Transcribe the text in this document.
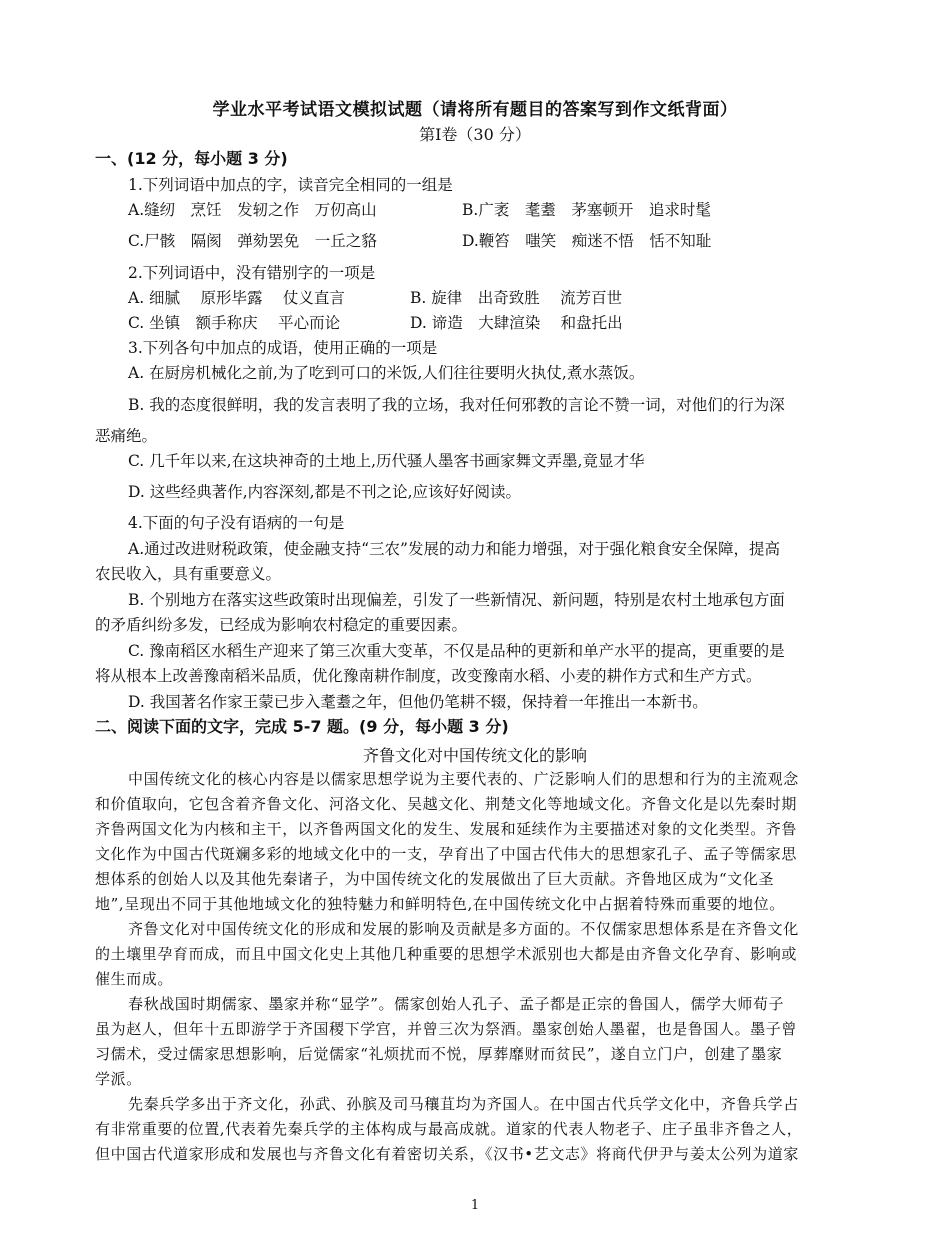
学业水平考试语文模拟试题（请将所有题目的答案写到作文纸背面）
第Ⅰ卷（30 分）
一、(12 分，每小题 3 分)
1.下列词语中加点的字，读音完全相同的一组是
A.缝纫　烹饪　发轫之作　万仞高山	B.广袤　耄耋　茅塞顿开　追求时髦
C.尸骸　隔阂　弹劾罢免　一丘之貉	D.鞭笞　嗤笑　痴迷不悟　恬不知耻
2.下列词语中，没有错别字的一项是
A. 细腻　 原形毕露　 仗义直言	B. 旋律　出奇致胜　 流芳百世
C. 坐镇　额手称庆　 平心而论	D. 谛造　大肆渲染　 和盘托出
3.下列各句中加点的成语，使用正确的一项是
A. 在厨房机械化之前,为了吃到可口的米饭,人们往往要明火执仗,煮水蒸饭。
B. 我的态度很鲜明，我的发言表明了我的立场，我对任何邪教的言论不赞一词，对他们的行为深
恶痛绝。
C. 几千年以来,在这块神奇的土地上,历代骚人墨客书画家舞文弄墨,竟显才华
D. 这些经典著作,内容深刻,都是不刊之论,应该好好阅读。
4.下面的句子没有语病的一句是
A.通过改进财税政策，使金融支持“三农”发展的动力和能力增强，对于强化粮食安全保障，提高
农民收入，具有重要意义。
B. 个别地方在落实这些政策时出现偏差，引发了一些新情况、新问题，特别是农村土地承包方面
的矛盾纠纷多发，已经成为影响农村稳定的重要因素。
C. 豫南稻区水稻生产迎来了第三次重大变革，不仅是品种的更新和单产水平的提高，更重要的是
将从根本上改善豫南稻米品质，优化豫南耕作制度，改变豫南水稻、小麦的耕作方式和生产方式。
D. 我国著名作家王蒙已步入耄耋之年，但他仍笔耕不辍，保持着一年推出一本新书。
二、阅读下面的文字，完成 5-7 题。(9 分，每小题 3 分)
齐鲁文化对中国传统文化的影响
中国传统文化的核心内容是以儒家思想学说为主要代表的、广泛影响人们的思想和行为的主流观念
和价值取向，它包含着齐鲁文化、河洛文化、吴越文化、荆楚文化等地域文化。齐鲁文化是以先秦时期
齐鲁两国文化为内核和主干，以齐鲁两国文化的发生、发展和延续作为主要描述对象的文化类型。齐鲁
文化作为中国古代斑斓多彩的地域文化中的一支，孕育出了中国古代伟大的思想家孔子、孟子等儒家思
想体系的创始人以及其他先秦诸子，为中国传统文化的发展做出了巨大贡献。齐鲁地区成为“文化圣
地”,呈现出不同于其他地域文化的独特魅力和鲜明特色,在中国传统文化中占据着特殊而重要的地位。
齐鲁文化对中国传统文化的形成和发展的影响及贡献是多方面的。不仅儒家思想体系是在齐鲁文化
的土壤里孕育而成，而且中国文化史上其他几种重要的思想学术派别也大都是由齐鲁文化孕育、影响或
催生而成。
春秋战国时期儒家、墨家并称“显学”。儒家创始人孔子、孟子都是正宗的鲁国人，儒学大师荀子
虽为赵人，但年十五即游学于齐国稷下学宫，并曾三次为祭酒。墨家创始人墨翟，也是鲁国人。墨子曾
习儒术，受过儒家思想影响，后觉儒家“礼烦扰而不悦，厚葬靡财而贫民”，遂自立门户，创建了墨家
学派。
先秦兵学多出于齐文化，孙武、孙膑及司马穰苴均为齐国人。在中国古代兵学文化中，齐鲁兵学占
有非常重要的位置,代表着先秦兵学的主体构成与最高成就。道家的代表人物老子、庄子虽非齐鲁之人，
但中国古代道家形成和发展也与齐鲁文化有着密切关系，《汉书•艺文志》将商代伊尹与姜太公列为道家
1
